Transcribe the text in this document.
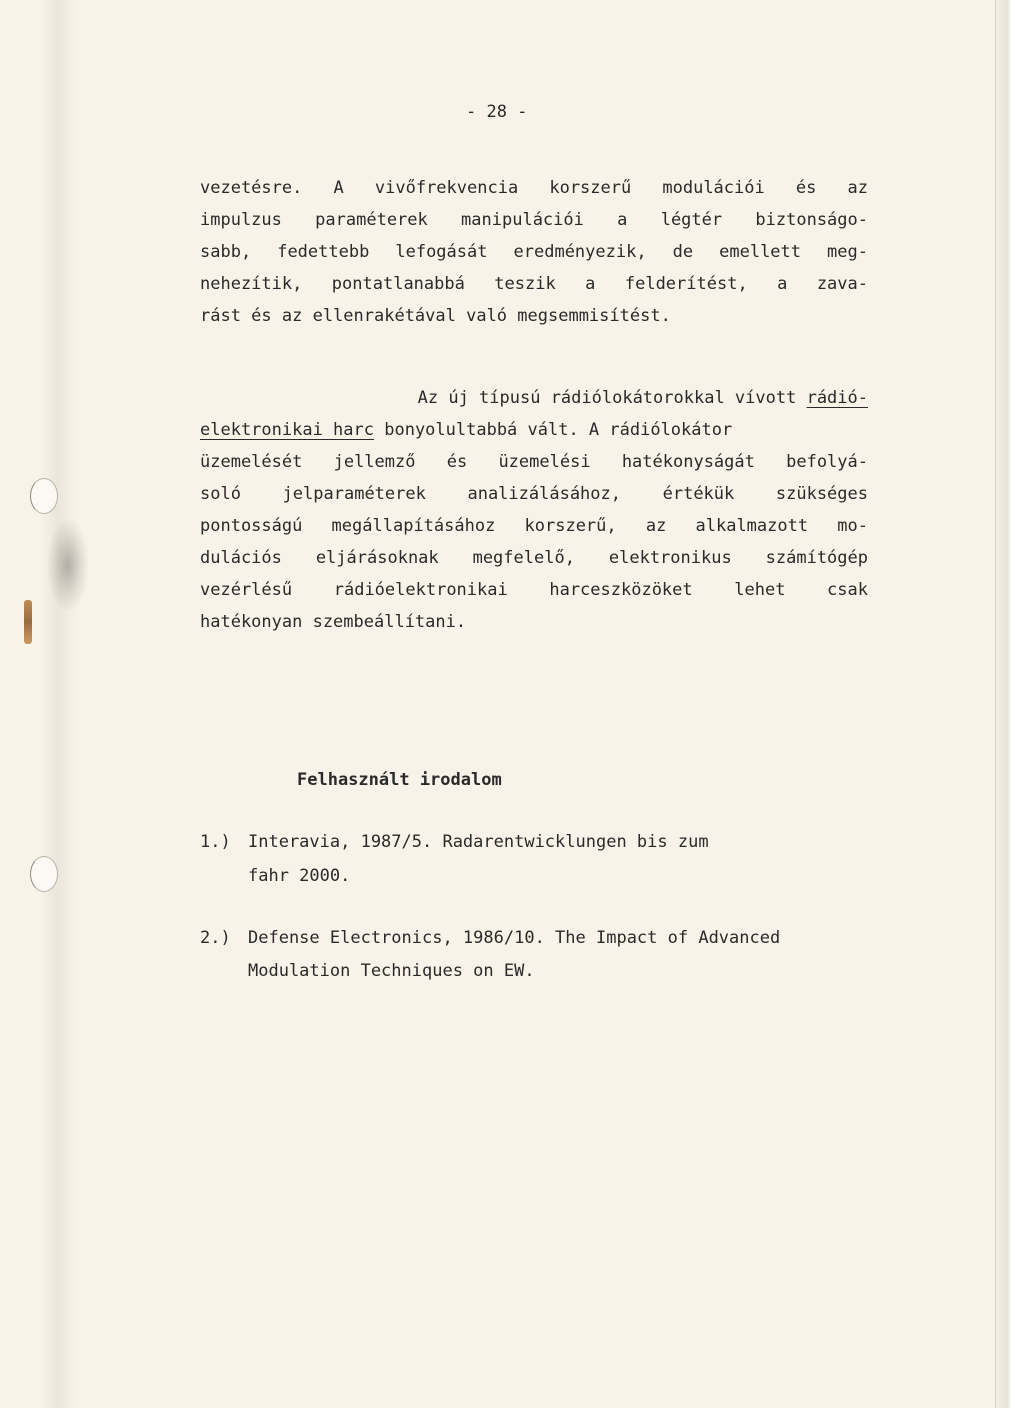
- 28 -

vezetésre. A vivőfrekvencia korszerű modulációi és az

impulzus paraméterek manipulációi a légtér biztonságo-

sabb, fedettebb lefogását eredményezik, de emellett meg-

nehezítik, pontatlanabbá teszik a felderítést, a zava-

rást és az ellenrakétával való megsemmisítést.

Az új típusú rádiólokátorokkal vívott rádió-

elektronikai harc bonyolultabbá vált. A rádiólokátor

üzemelését jellemző és üzemelési hatékonyságát befolyá-

soló jelparaméterek analizálásához, értékük szükséges

pontosságú megállapításához korszerű, az alkalmazott mo-

dulációs eljárásoknak megfelelő, elektronikus számítógép

vezérlésű rádióelektronikai harceszközöket lehet csak

hatékonyan szembeállítani.

Felhasznált irodalom

1.) Interavia, 1987/5. Radarentwicklungen bis zum

fahr 2000.

2.) Defense Electronics, 1986/10. The Impact of Advanced

Modulation Techniques on EW.
